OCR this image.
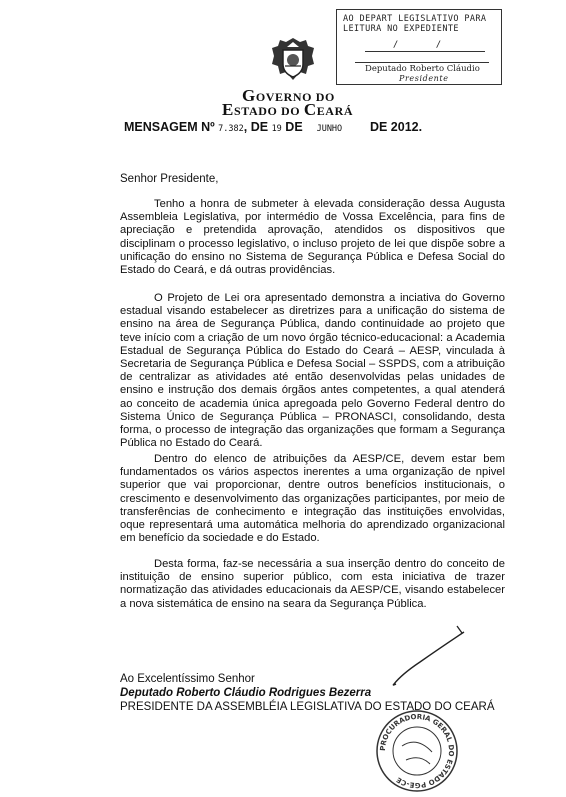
AO DEPART LEGISLATIVO PARA
LEITURA NO EXPEDIENTE
/ /
Deputado Roberto Cláudio
Presidente
GOVERNO DO
ESTADO DO CEARÁ
MENSAGEM Nº 7.382, DE 19 DE JUNHO DE 2012.
Senhor Presidente,

Tenho a honra de submeter à elevada consideração dessa Augusta Assembleia Legislativa, por intermédio de Vossa Excelência, para fins de apreciação e pretendida aprovação, atendidos os dispositivos que disciplinam o processo legislativo, o incluso projeto de lei que dispõe sobre a unificação do ensino no Sistema de Segurança Pública e Defesa Social do Estado do Ceará, e dá outras providências.

O Projeto de Lei ora apresentado demonstra a inciativa do Governo estadual visando estabelecer as diretrizes para a unificação do sistema de ensino na área de Segurança Pública, dando continuidade ao projeto que teve início com a criação de um novo órgão técnico-educacional: a Academia Estadual de Segurança Pública do Estado do Ceará – AESP, vinculada à Secretaria de Segurança Pública e Defesa Social – SSPDS, com a atribuição de centralizar as atividades até então desenvolvidas pelas unidades de ensino e instrução dos demais órgãos antes competentes, a qual atenderá ao conceito de academia única apregoada pelo Governo Federal dentro do Sistema Único de Segurança Pública – PRONASCI, consolidando, desta forma, o processo de integração das organizações que formam a Segurança Pública no Estado do Ceará.

Dentro do elenco de atribuições da AESP/CE, devem estar bem fundamentados os vários aspectos inerentes a uma organização de npivel superior que vai proporcionar, dentre outros benefícios institucionais, o crescimento e desenvolvimento das organizações participantes, por meio de transferências de conhecimento e integração das instituições envolvidas, oque representará uma automática melhoria do aprendizado organizacional em benefício da sociedade e do Estado.

Desta forma, faz-se necessária a sua inserção dentro do conceito de instituição de ensino superior público, com esta iniciativa de trazer normatização das atividades educacionais da AESP/CE, visando estabelecer a nova sistemática de ensino na seara da Segurança Pública.

Ao Excelentíssimo Senhor
Deputado Roberto Cláudio Rodrigues Bezerra
PRESIDENTE DA ASSEMBLÉIA LEGISLATIVA DO ESTADO DO CEARÁ
PROCURADORIA GERAL DO ESTADO PGE-CE
